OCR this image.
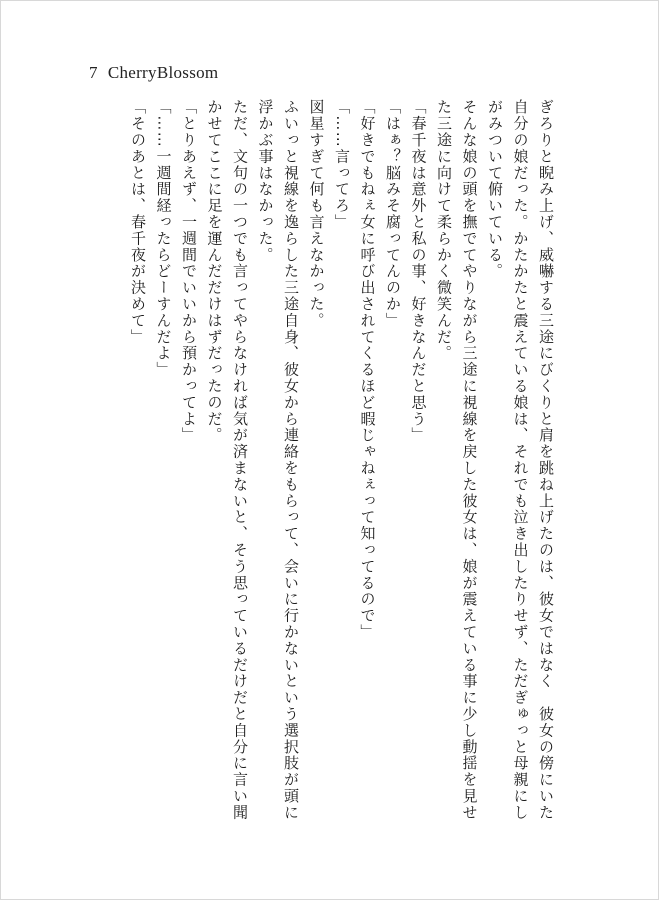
7 CherryBlossom

ぎろりと睨み上げ、威嚇する三途にびくりと肩を跳ね上げたのは、彼女ではなく　彼女の傍にいた自分の娘だった。かたかたと震えている娘は、それでも泣き出したりせず、ただぎゅっと母親にしがみついて俯いている。

そんな娘の頭を撫でてやりながら三途に視線を戻した彼女は、娘が震えている事に少し動揺を見せた三途に向けて柔らかく微笑んだ。

「春千夜は意外と私の事、好きなんだと思う」

「はぁ？脳みそ腐ってんのか」

「好きでもねぇ女に呼び出されてくるほど暇じゃねぇって知ってるので」

「……言ってろ」

図星すぎて何も言えなかった。

ふいっと視線を逸らした三途自身、彼女から連絡をもらって、会いに行かないという選択肢が頭に浮かぶ事はなかった。

ただ、文句の一つでも言ってやらなければ気が済まないと、そう思っているだけだと自分に言い聞かせてここに足を運んだだけはずだったのだ。

「とりあえず、一週間でいいから預かってよ」

「……一週間経ったらどーすんだよ」

「そのあとは、春千夜が決めて」
